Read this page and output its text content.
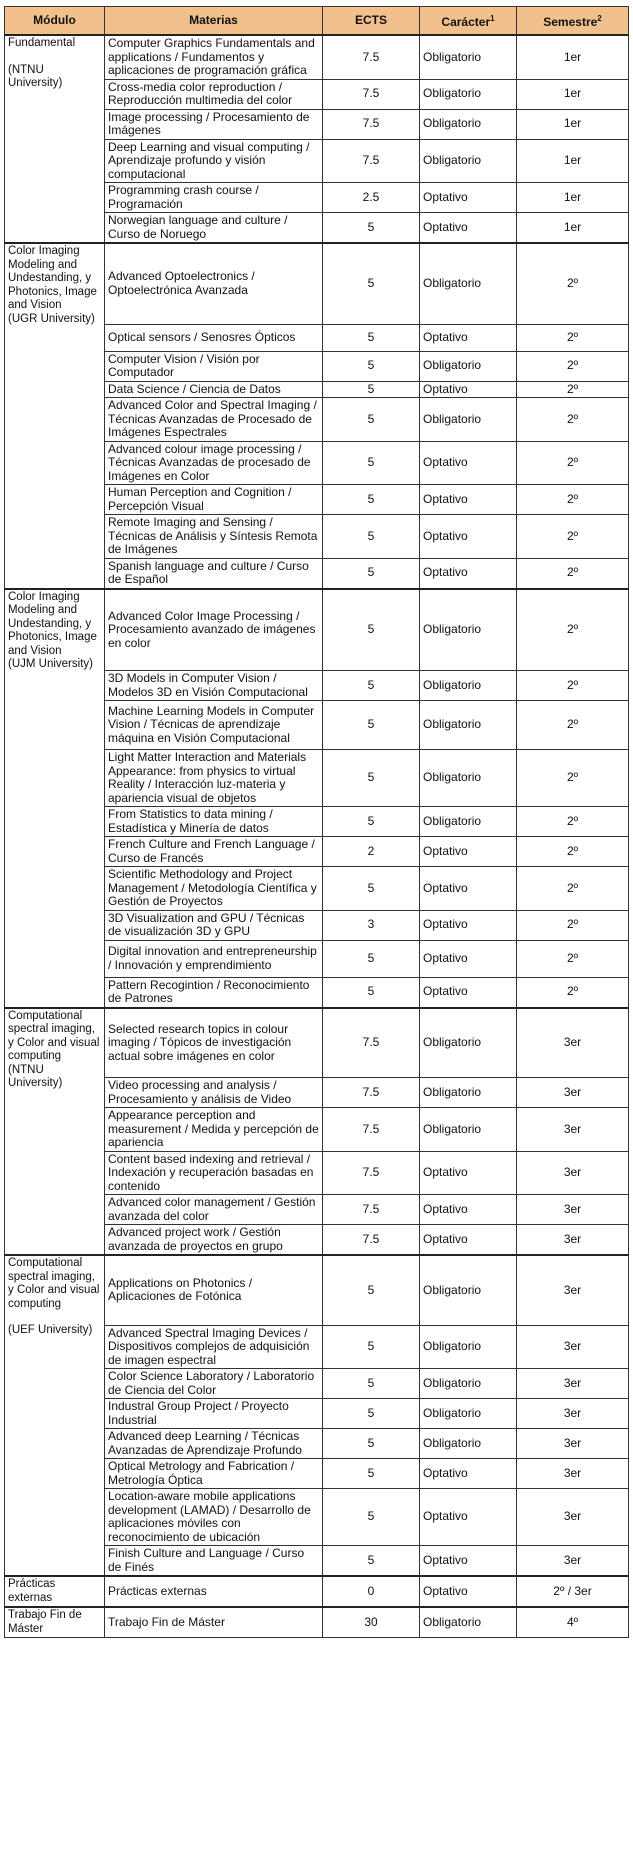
Módulo	Materias	ECTS	Carácter$^1$	Semestre$^2$

Fundamental
(NTNU University)	Computer Graphics Fundamentals and applications / Fundamentos y aplicaciones de programación gráfica	7.5	Obligatorio	1er
	Cross-media color reproduction / Reproducción multimedia del color	7.5	Obligatorio	1er
	Image processing / Procesamiento de Imágenes	7.5	Obligatorio	1er
	Deep Learning and visual computing / Aprendizaje profundo y visión computacional	7.5	Obligatorio	1er
	Programming crash course / Programación	2.5	Optativo	1er
	Norwegian language and culture / Curso de Noruego	5	Optativo	1er

Color Imaging Modeling and Undestanding, y Photonics, Image and Vision
(UGR University)	Advanced Optoelectronics / Optoelectrónica Avanzada	5	Obligatorio	2º
	Optical sensors / Senosres Ópticos	5	Optativo	2º
	Computer Vision / Visión por Computador	5	Obligatorio	2º
	Data Science / Ciencia de Datos	5	Optativo	2º
	Advanced Color and Spectral Imaging / Técnicas Avanzadas de Procesado de Imágenes Espectrales	5	Obligatorio	2º
	Advanced colour image processing / Técnicas Avanzadas de procesado de Imágenes en Color	5	Optativo	2º
	Human Perception and Cognition / Percepción Visual	5	Optativo	2º
	Remote Imaging and Sensing / Técnicas de Análisis y Síntesis Remota de Imágenes	5	Optativo	2º
	Spanish language and culture / Curso de Español	5	Optativo	2º

Color Imaging Modeling and Undestanding, y Photonics, Image and Vision
(UJM University)	Advanced Color Image Processing / Procesamiento avanzado de imágenes en color	5	Obligatorio	2º
	3D Models in Computer Vision / Modelos 3D en Visión Computacional	5	Obligatorio	2º
	Machine Learning Models in Computer Vision / Técnicas de aprendizaje máquina en Visión Computacional	5	Obligatorio	2º
	Light Matter Interaction and Materials Appearance: from physics to virtual Reality / Interacción luz-materia y apariencia visual de objetos	5	Obligatorio	2º
	From Statistics to data mining / Estadística y Minería de datos	5	Obligatorio	2º
	French Culture and French Language / Curso de Francés	2	Optativo	2º
	Scientific Methodology and Project Management / Metodología Científica y Gestión de Proyectos	5	Optativo	2º
	3D Visualization and GPU / Técnicas de visualización 3D y GPU	3	Optativo	2º
	Digital innovation and entrepreneurship / Innovación y emprendimiento	5	Optativo	2º
	Pattern Recogintion / Reconocimiento de Patrones	5	Optativo	2º

Computational spectral imaging, y Color and visual computing
(NTNU University)	Selected research topics in colour imaging / Tópicos de investigación actual sobre imágenes en color	7.5	Obligatorio	3er
	Video processing and analysis / Procesamiento y análisis de Video	7.5	Obligatorio	3er
	Appearance perception and measurement / Medida y percepción de apariencia	7.5	Obligatorio	3er
	Content based indexing and retrieval / Indexación y recuperación basadas en contenido	7.5	Optativo	3er
	Advanced color management / Gestión avanzada del color	7.5	Optativo	3er
	Advanced project work / Gestión avanzada de proyectos en grupo	7.5	Optativo	3er

Computational spectral imaging, y Color and visual computing
(UEF University)	Applications on Photonics / Aplicaciones de Fotónica	5	Obligatorio	3er
	Advanced Spectral Imaging Devices / Dispositivos complejos de adquisición de imagen espectral	5	Obligatorio	3er
	Color Science Laboratory / Laboratorio de Ciencia del Color	5	Obligatorio	3er
	Industral Group Project / Proyecto Industrial	5	Obligatorio	3er
	Advanced deep Learning / Técnicas Avanzadas de Aprendizaje Profundo	5	Obligatorio	3er
	Optical Metrology and Fabrication / Metrología Óptica	5	Optativo	3er
	Location-aware mobile applications development (LAMAD) / Desarrollo de aplicaciones móviles con reconocimiento de ubicación	5	Optativo	3er
	Finish Culture and Language / Curso de Finés	5	Optativo	3er

Prácticas externas	Prácticas externas	0	Optativo	2º / 3er

Trabajo Fin de Máster	Trabajo Fin de Máster	30	Obligatorio	4º
